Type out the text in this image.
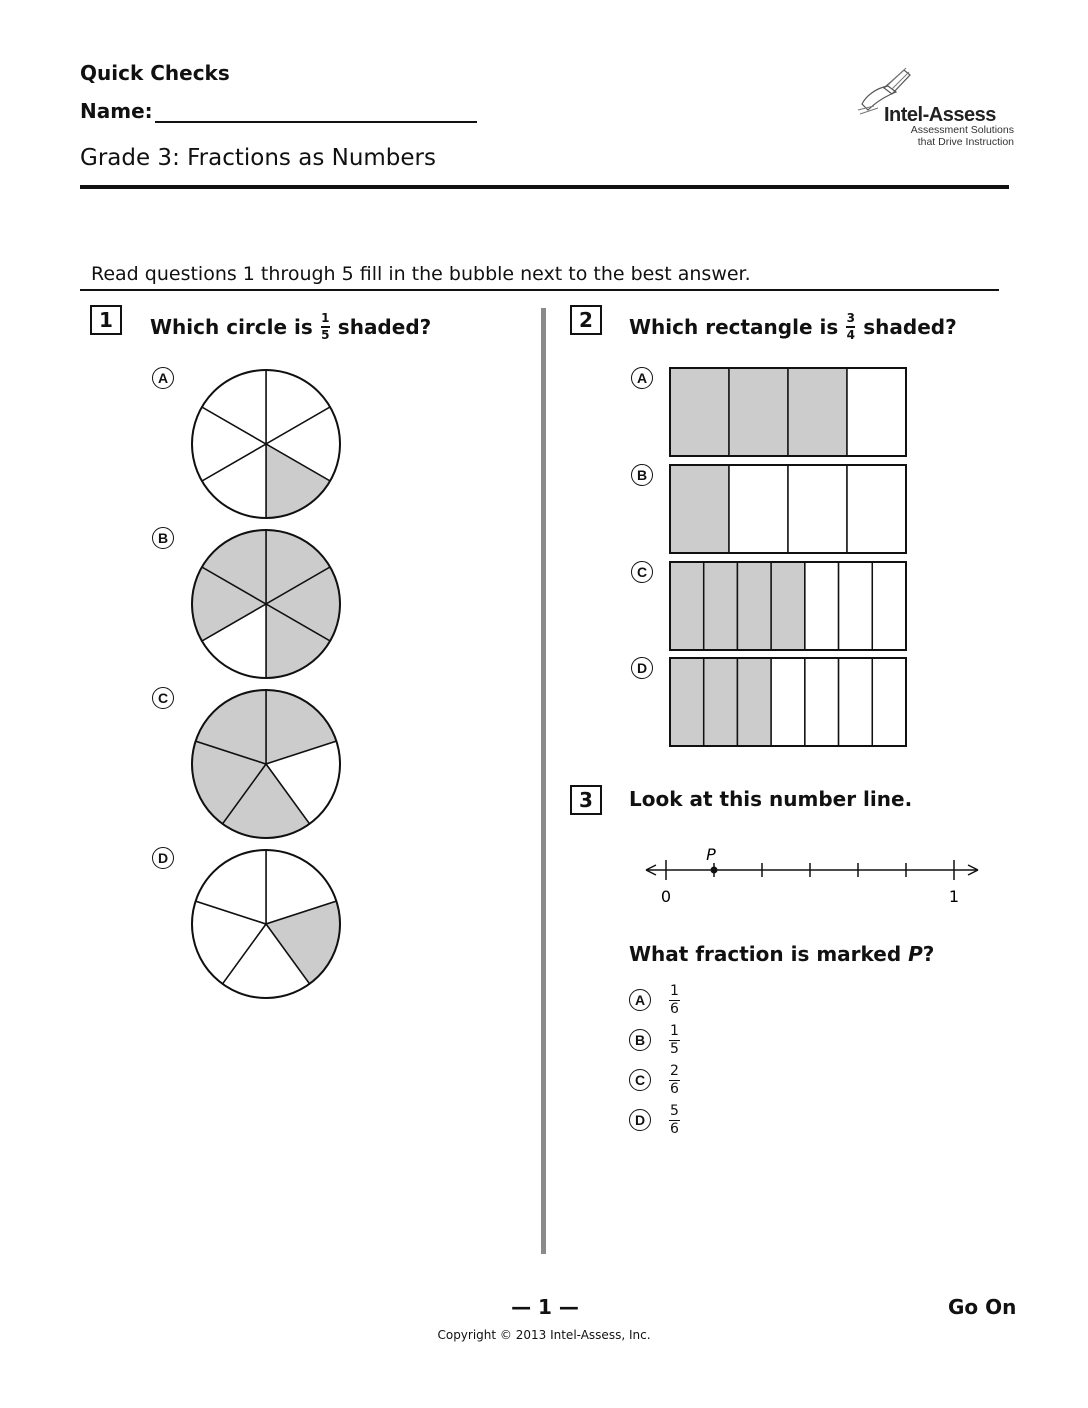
Quick Checks
Name:
Grade 3: Fractions as Numbers
Intel-Assess
Assessment Solutions
that Drive Instruction
Read questions 1 through 5 fill in the bubble next to the best answer.
1	Which circle is $\frac{1}{5}$ shaded?
A
B
C
D
2	Which rectangle is $\frac{3}{4}$ shaded?
A
B
C
D
3	Look at this number line.
P
0	1
What fraction is marked P?
A	$\frac{1}{6}$
B	$\frac{1}{5}$
C	$\frac{2}{6}$
D	$\frac{5}{6}$
— 1 —	Go On
Copyright © 2013 Intel-Assess, Inc.
